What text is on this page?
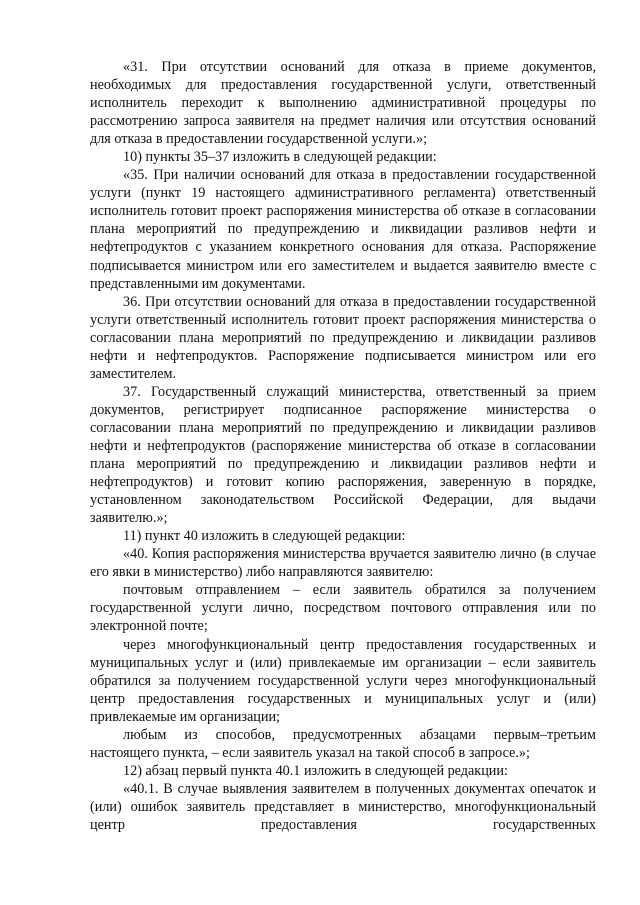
«31. При отсутствии оснований для отказа в приеме документов, необходимых для предоставления государственной услуги, ответственный исполнитель переходит к выполнению административной процедуры по рассмотрению запроса заявителя на предмет наличия или отсутствия оснований для отказа в предоставлении государственной услуги.»;

10) пункты 35–37 изложить в следующей редакции:

«35. При наличии оснований для отказа в предоставлении государственной услуги (пункт 19 настоящего административного регламента) ответственный исполнитель готовит проект распоряжения министерства об отказе в согласовании плана мероприятий по предупреждению и ликвидации разливов нефти и нефтепродуктов с указанием конкретного основания для отказа. Распоряжение подписывается министром или его заместителем и выдается заявителю вместе с представленными им документами.

36. При отсутствии оснований для отказа в предоставлении государственной услуги ответственный исполнитель готовит проект распоряжения министерства о согласовании плана мероприятий по предупреждению и ликвидации разливов нефти и нефтепродуктов. Распоряжение подписывается министром или его заместителем.

37. Государственный служащий министерства, ответственный за прием документов, регистрирует подписанное распоряжение министерства о согласовании плана мероприятий по предупреждению и ликвидации разливов нефти и нефтепродуктов (распоряжение министерства об отказе в согласовании плана мероприятий по предупреждению и ликвидации разливов нефти и нефтепродуктов) и готовит копию распоряжения, заверенную в порядке, установленном законодательством Российской Федерации, для выдачи заявителю.»;

11) пункт 40 изложить в следующей редакции:

«40. Копия распоряжения министерства вручается заявителю лично (в случае его явки в министерство) либо направляются заявителю:

почтовым отправлением – если заявитель обратился за получением государственной услуги лично, посредством почтового отправления или по электронной почте;

через многофункциональный центр предоставления государственных и муниципальных услуг и (или) привлекаемые им организации – если заявитель обратился за получением государственной услуги через многофункциональный центр предоставления государственных и муниципальных услуг и (или) привлекаемые им организации;

любым из способов, предусмотренных абзацами первым–третьим настоящего пункта, – если заявитель указал на такой способ в запросе.»;

12) абзац первый пункта 40.1 изложить в следующей редакции:

«40.1. В случае выявления заявителем в полученных документах опечаток и (или) ошибок заявитель представляет в министерство, многофункциональный центр предоставления государственных
